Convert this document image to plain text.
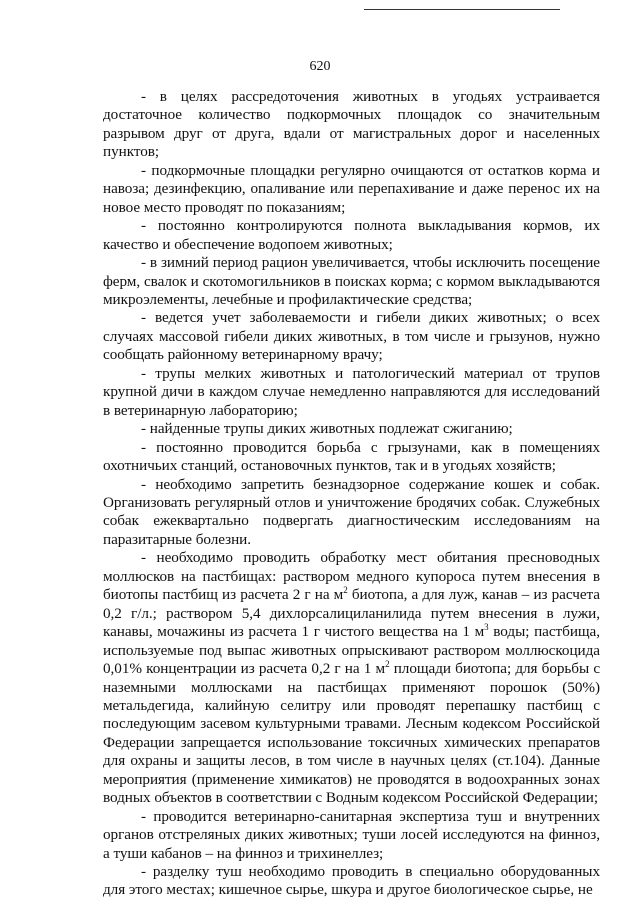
620

- в целях рассредоточения животных в угодьях устраивается достаточное количество подкормочных площадок со значительным разрывом друг от друга, вдали от магистральных дорог и населенных пунктов;

- подкормочные площадки регулярно очищаются от остатков корма и навоза; дезинфекцию, опаливание или перепахивание и даже перенос их на новое место проводят по показаниям;

- постоянно контролируются полнота выкладывания кормов, их качество и обеспечение водопоем животных;

- в зимний период рацион увеличивается, чтобы исключить посещение ферм, свалок и скотомогильников в поисках корма; с кормом выкладываются микроэлементы, лечебные и профилактические средства;

- ведется учет заболеваемости и гибели диких животных; о всех случаях массовой гибели диких животных, в том числе и грызунов, нужно сообщать районному ветеринарному врачу;

- трупы мелких животных и патологический материал от трупов крупной дичи в каждом случае немедленно направляются для исследований в ветеринарную лабораторию;

- найденные трупы диких животных подлежат сжиганию;

- постоянно проводится борьба с грызунами, как в помещениях охотничьих станций, остановочных пунктов, так и в угодьях хозяйств;

- необходимо запретить безнадзорное содержание кошек и собак. Организовать регулярный отлов и уничтожение бродячих собак. Служебных собак ежеквартально подвергать диагностическим исследованиям на паразитарные болезни.

- необходимо проводить обработку мест обитания пресноводных моллюсков на пастбищах: раствором медного купороса путем внесения в биотопы пастбищ из расчета 2 г на $м^2$ биотопа, а для луж, канав – из расчета 0,2 г/л.; раствором 5,4 дихлорсалициланилида путем внесения в лужи, канавы, мочажины из расчета 1 г чистого вещества на 1 $м^3$ воды; пастбища, используемые под выпас животных опрыскивают раствором моллюскоцида 0,01% концентрации из расчета 0,2 г на 1 $м^2$ площади биотопа; для борьбы с наземными моллюсками на пастбищах применяют порошок (50%) метальдегида, калийную селитру или проводят перепашку пастбищ с последующим засевом культурными травами. Лесным кодексом Российской Федерации запрещается использование токсичных химических препаратов для охраны и защиты лесов, в том числе в научных целях (ст.104). Данные мероприятия (применение химикатов) не проводятся в водоохранных зонах водных объектов в соответствии с Водным кодексом Российской Федерации;

- проводится ветеринарно-санитарная экспертиза туш и внутренних органов отстреляных диких животных; туши лосей исследуются на финноз, а туши кабанов – на финноз и трихинеллез;

- разделку туш необходимо проводить в специально оборудованных для этого местах; кишечное сырье, шкура и другое биологическое сырье, не
